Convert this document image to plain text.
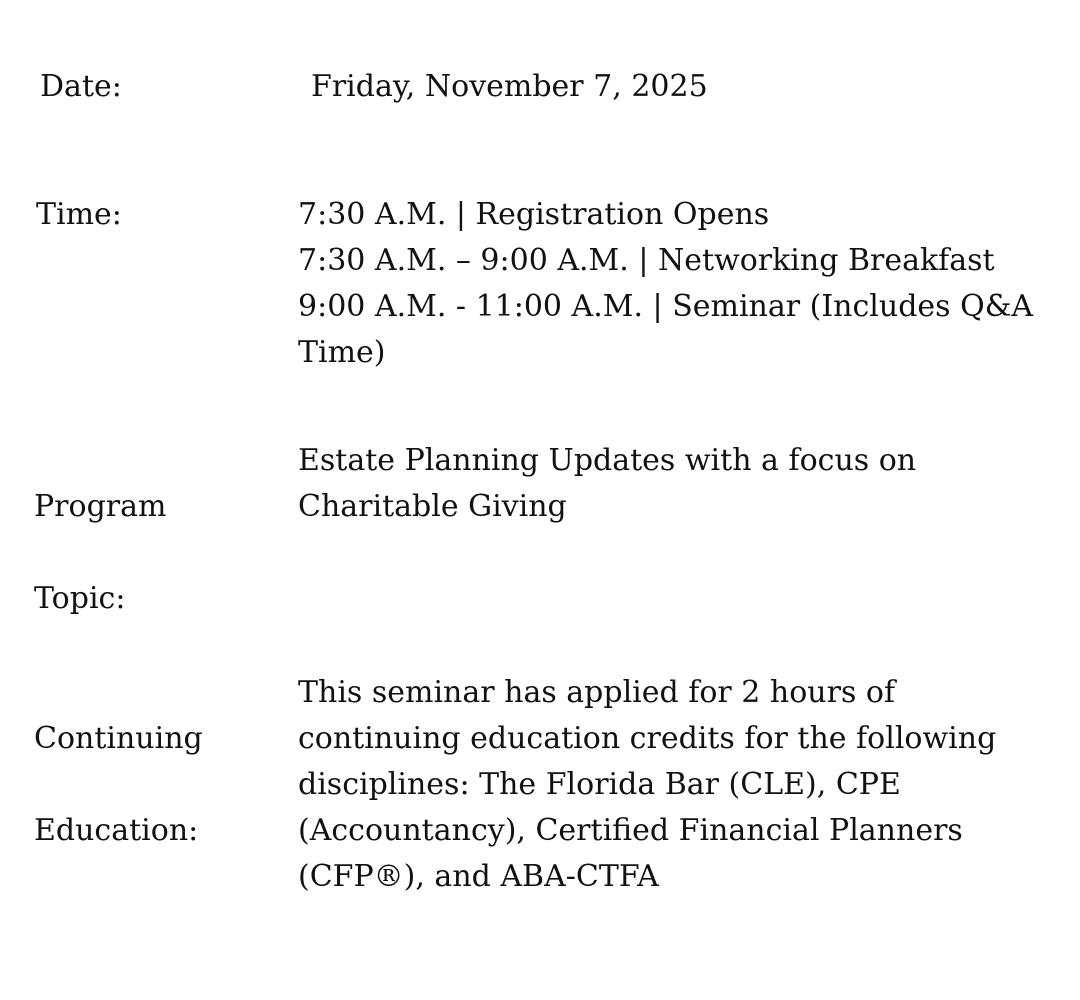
Date:	Friday, November 7, 2025
Time:	7:30 A.M. | Registration Opens
7:30 A.M. – 9:00 A.M. | Networking Breakfast
9:00 A.M. - 11:00 A.M. | Seminar (Includes Q&A Time)

Program

Topic:

Estate Planning Updates with a focus on Charitable Giving

Continuing

Education:

This seminar has applied for 2 hours of continuing education credits for the following disciplines: The Florida Bar (CLE), CPE (Accountancy), Certified Financial Planners (CFP®), and ABA-CTFA
